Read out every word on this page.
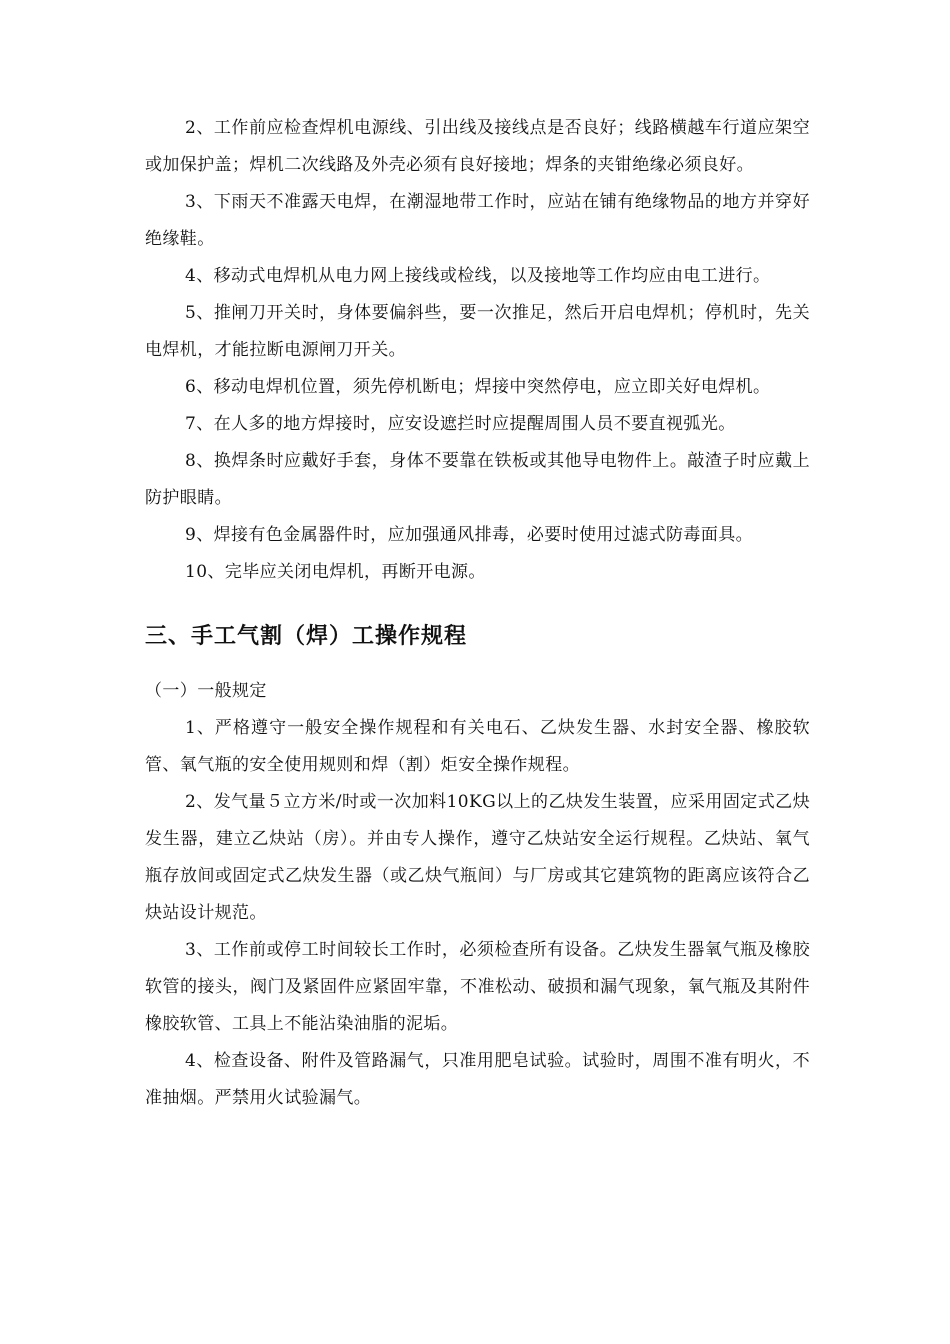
2、工作前应检查焊机电源线、引出线及接线点是否良好；线路横越车行道应架空或加保护盖；焊机二次线路及外壳必须有良好接地；焊条的夹钳绝缘必须良好。

3、下雨天不准露天电焊，在潮湿地带工作时，应站在铺有绝缘物品的地方并穿好绝缘鞋。

4、移动式电焊机从电力网上接线或检线，以及接地等工作均应由电工进行。

5、推闸刀开关时，身体要偏斜些，要一次推足，然后开启电焊机；停机时，先关电焊机，才能拉断电源闸刀开关。

6、移动电焊机位置，须先停机断电；焊接中突然停电，应立即关好电焊机。

7、在人多的地方焊接时，应安设遮拦时应提醒周围人员不要直视弧光。

8、换焊条时应戴好手套，身体不要靠在铁板或其他导电物件上。敲渣子时应戴上防护眼睛。

9、焊接有色金属器件时，应加强通风排毒，必要时使用过滤式防毒面具。

10、完毕应关闭电焊机，再断开电源。

三、手工气割（焊）工操作规程

（一）一般规定

1、严格遵守一般安全操作规程和有关电石、乙炔发生器、水封安全器、橡胶软管、氧气瓶的安全使用规则和焊（割）炬安全操作规程。

2、发气量５立方米/时或一次加料10KG以上的乙炔发生装置，应采用固定式乙炔发生器，建立乙炔站（房）。并由专人操作，遵守乙炔站安全运行规程。乙炔站、氧气瓶存放间或固定式乙炔发生器（或乙炔气瓶间）与厂房或其它建筑物的距离应该符合乙炔站设计规范。

3、工作前或停工时间较长工作时，必须检查所有设备。乙炔发生器氧气瓶及橡胶软管的接头，阀门及紧固件应紧固牢靠，不准松动、破损和漏气现象，氧气瓶及其附件橡胶软管、工具上不能沾染油脂的泥垢。

4、检查设备、附件及管路漏气，只准用肥皂试验。试验时，周围不准有明火，不准抽烟。严禁用火试验漏气。
